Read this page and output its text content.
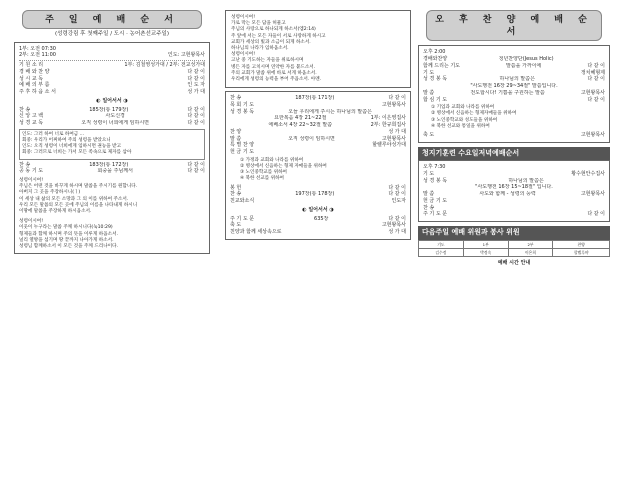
주 일 예 배 순 서
(성령강림 후 첫째주일 / 도시 · 농어촌선교주일)
1부: 오전 07:30
2부: 오전 11:00	인도: 고현왕목사
기 원 소 리	1부: 김철영성가대 / 2부: 전교성가대
경 배 와 찬 양	다 같 이
성 시 교 독	다 같 이
예 배 의 부 름	인 도 자
주 후 하 옵 소 서	성 가 대
◐ 일어서서 ◑
찬 송	185장(통 179장)	다 같 이
신 앙 고 백	사도신경	다 같 이
성 경 교 독	오직 성령이 너희에게 임하시면	다 같 이
인도: 그러 하여 너로 하여금 ...
회중: 우리가 어찌하여 주의 성령을 받았으니
인도: 오직 성령이 너희에게 임하시면 권능을 받고
회중: 그러므로 너희는 가서 모든 족속으로 제자를 삼아
찬 송	183장(통 172장)	다 같 이
공 동 기 도	회중을 주님께서	다 같 이
성령이시여!
주님은 어떤 것을 바꾸게 하시며 말씀을 주시기를 원합니다.
아버지 그 곳을 주장하시니(ㅣ)
이 세상 내 삶의 모든 소망과 그 의 이를 위하여 주소서.
우리 모든 말씀의 모든 곳에 주님의 이름을 나타내게 하시니
이땅에 말씀을 주장하게 하시옵소서.
성령이시여!
이웃이 누구라는 말씀 주께 하시니다(눅10:29)
형제들과 함께 하시며 주의 뜻을 이루게 하옵소서.
널리 열방을 섬기며 땅 끝까지 나아가게 하소서.
성령님 함께하소서 이 모든 것을 주께 드리나이다.
성령이시여!
가로 막는 모든 담을 허물고
주님의 사랑으로 하나되게 하소서(엡2:14)
주 앞에 서는 모든 자들이 서로 사랑하게 하시고
교회가 세상의 빛과 소금이 되게 하소서.
하나님의 나라가 임하옵소서.
성령이시여!
고난 중 기도하는 자들을 위로하시며
병든 자를 고치시며 연약한 자를 붙드소서.
주의 교회가 말씀 위에 바로 서게 하옵소서.
우리에게 성령의 능력을 부어 주옵소서. 아멘.
찬 송	187장(통 171장)	다 같 이
목 회 기 도	고현왕목사
성 경 봉 독	오늘 우리에게 주시는 하나님의 말씀은
요한복음 4장 21~22절	1부: 이은영집사
에베소서 4장 22~32절 말씀	2부: 한규희집사
찬 양	성 가 대
말 씀	오직 성령이 임하시면	고현왕목사
특 별 찬 양	할렐루야성가대
헌 금 기 도
① 가정과 교회와 나라를 위하여
② 병상에서 신음하는 형제 자매들을 위하여
③ 노인중학교를 위하여
④ 북한 선교를 위하여
봉 헌	다 같 이
찬 송	197장(통 178장)	다 같 이
친교와소식	인도자
◐ 일어서서 ◑
주 기 도 문	635장	다 같 이
축 도	고현왕목사
친양과 함께 세상속으로	성 가 대
오 후 찬 양 예 배 순 서
오후 2:00
경배와찬양	청년찬양단(Jesus Holic)
함께 드리는 기도	말씀을 가까이에	다 같 이
기 도	정치혜형제
성 경 봉 독	하나님의 말씀은	다 같 이
"사도행전 16장 29~34절" 말씀입니다.
말 씀	전도합시다! 기쁨을 구원하는 말씀	고현왕목사
합 심 기 도	다 같 이
① 기업과 교회와 나라를 위하여
② 병상에서 신음하는 형제자매들을 위하여
③ 노인중학교와 성도들을 위하여
④ 북한 선교와 통일을 위하여
축 도	고현왕목사
청지기훈련 수요일저녁예배순서
오후 7:30
기 도	황수현안수집사
성 경 봉 독	하나님의 말씀은
"사도행전 16장 15~18절" 입니다.
말 씀	사도와 함께 - 성령의 능력	고현왕목사
헌 금 기 도
찬 송
주 기 도 문	다 같 이
다음주일 예배 위원과 봉사 위원
기도	1부	2부	찬양
김수정	박정숙	이은희	할렐루야
예배 시간 안내
